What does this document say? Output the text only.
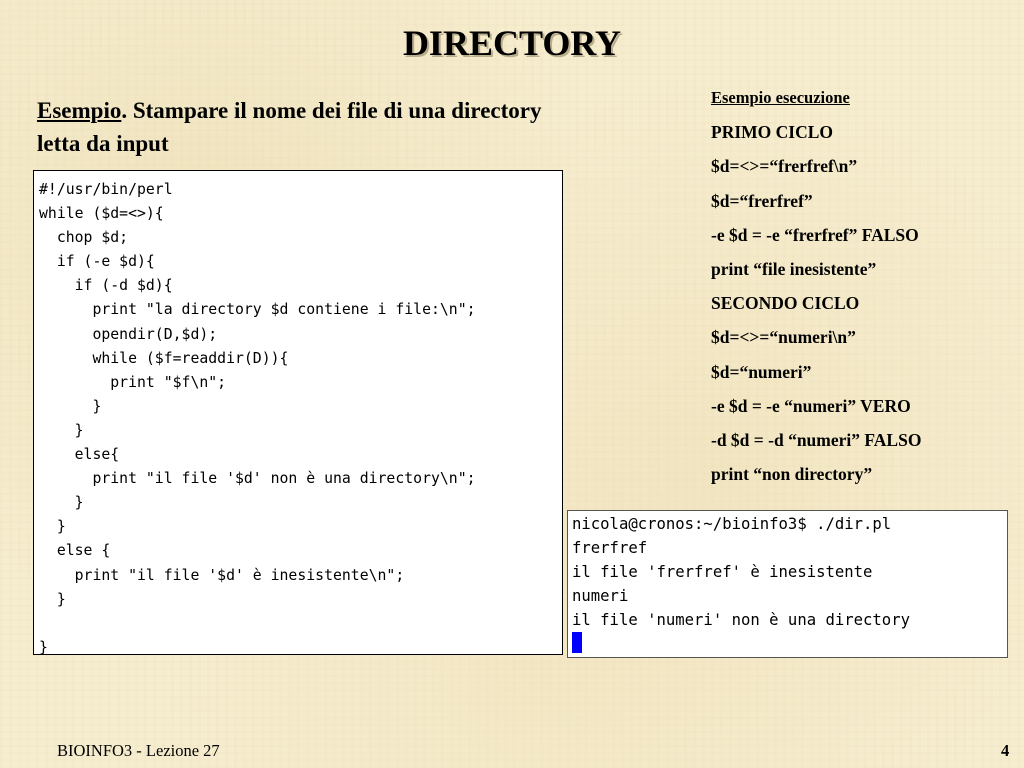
DIRECTORY
Esempio. Stampare il nome dei file di una directory letta da input
#!/usr/bin/perl
while ($d=<>){
chop $d;
if (-e $d){
if (-d $d){
print "la directory $d contiene i file:\n";
opendir(D,$d);
while ($f=readdir(D)){
print "$f\n";
}
}
else{
print "il file '$d' non è una directory\n";
}
}
else {
print "il file '$d' è inesistente\n";
}

}
Esempio esecuzione
PRIMO CICLO
$d=<>=“frerfref\n”
$d=“frerfref”
-e $d = -e “frerfref” FALSO
print “file inesistente”
SECONDO CICLO
$d=<>=“numeri\n”
$d=“numeri”
-e $d = -e “numeri” VERO
-d $d = -d “numeri” FALSO
print “non directory”
nicola@cronos:~/bioinfo3$ ./dir.pl
frerfref
il file 'frerfref' è inesistente
numeri
il file 'numeri' non è una directory
BIOINFO3 - Lezione 27	4
